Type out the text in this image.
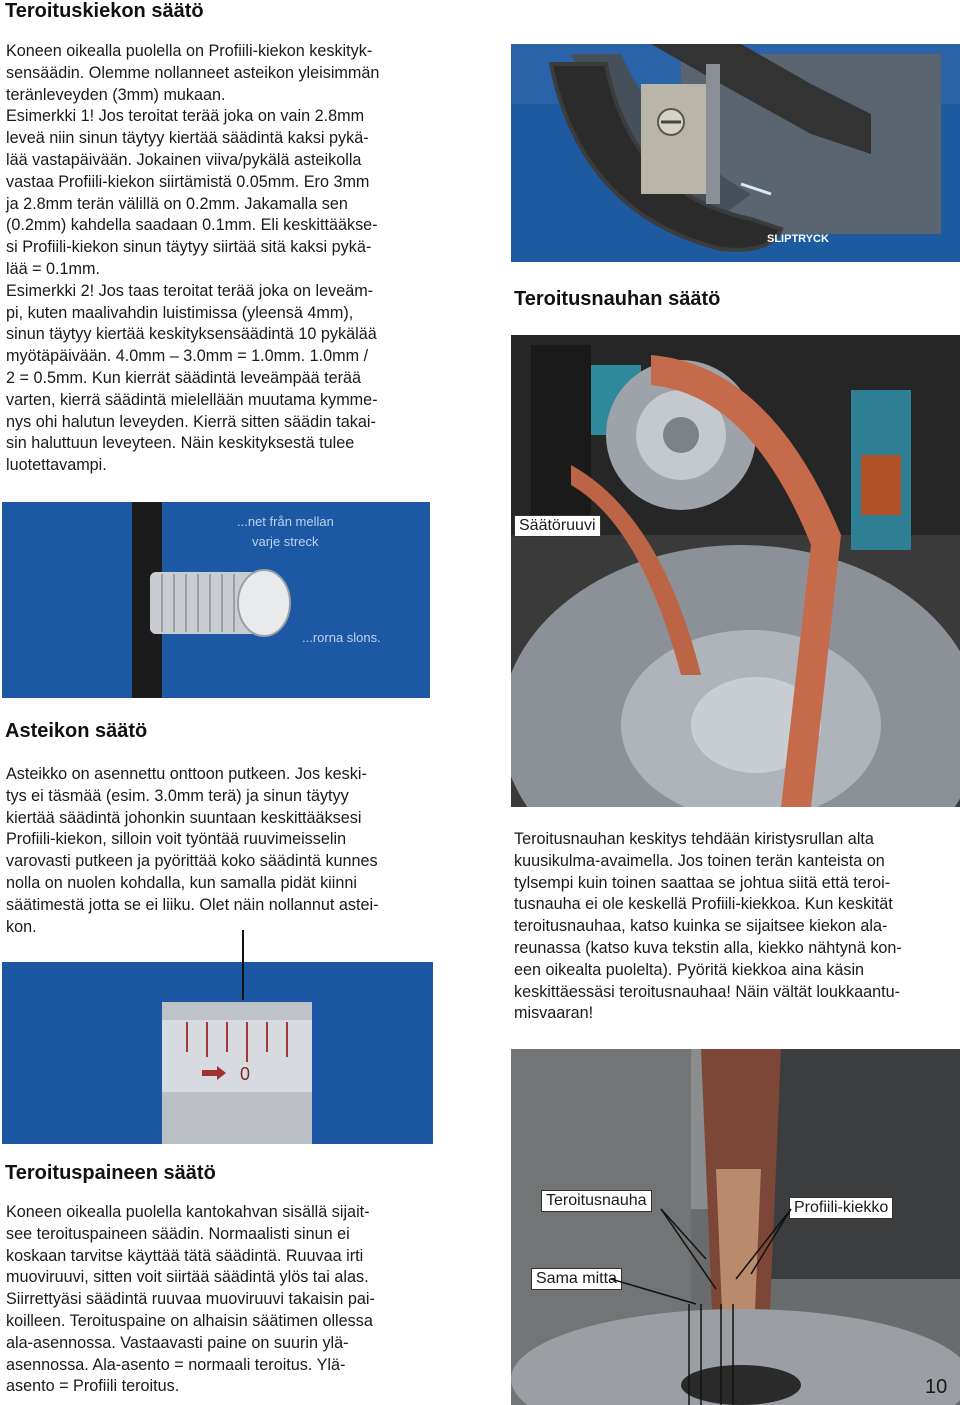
Teroituskiekon säätö
Koneen oikealla puolella on Profiili-kiekon keskityk-
sensäädin. Olemme nollanneet asteikon yleisimmän
teränleveyden (3mm) mukaan.
Esimerkki 1! Jos teroitat terää joka on vain 2.8mm
leveä niin sinun täytyy kiertää säädintä kaksi pykä-
lää vastapäivään. Jokainen viiva/pykälä asteikolla
vastaa Profiili-kiekon siirtämistä 0.05mm. Ero 3mm
ja 2.8mm terän välillä on 0.2mm. Jakamalla sen
(0.2mm) kahdella saadaan 0.1mm. Eli keskittääkse-
si Profiili-kiekon sinun täytyy siirtää sitä kaksi pykä-
lää = 0.1mm.
Esimerkki 2! Jos taas teroitat terää joka on leveäm-
pi, kuten maalivahdin luistimissa (yleensä 4mm),
sinun täytyy kiertää keskityksensäädintä 10 pykälää
myötäpäivään. 4.0mm – 3.0mm = 1.0mm. 1.0mm /
2 = 0.5mm. Kun kierrät säädintä leveämpää terää
varten, kierrä säädintä mielellään muutama kymme-
nys ohi halutun leveyden. Kierrä sitten säädin takai-
sin haluttuun leveyteen. Näin keskityksestä tulee
luotettavampi.
SLIPTRYCK
Teroitusnauhan säätö
Säätöruuvi
...net från mellan
varje streck
...rorna slons.
Asteikon säätö
Asteikko on asennettu onttoon putkeen. Jos keski-
tys ei täsmää (esim. 3.0mm terä) ja sinun täytyy
kiertää säädintä johonkin suuntaan keskittääksesi
Profiili-kiekon, silloin voit työntää ruuvimeisselin
varovasti putkeen ja pyörittää koko säädintä kunnes
nolla on nuolen kohdalla, kun samalla pidät kiinni
säätimestä jotta se ei liiku. Olet näin nollannut astei-
kon.
Teroitusnauhan keskitys tehdään kiristysrullan alta
kuusikulma-avaimella. Jos toinen terän kanteista on
tylsempi kuin toinen saattaa se johtua siitä että teroi-
tusnauha ei ole keskellä Profiili-kiekkoa. Kun keskität
teroitusnauhaa, katso kuinka se sijaitsee kiekon ala-
reunassa (katso kuva tekstin alla, kiekko nähtynä kon-
een oikealta puolelta). Pyöritä kiekkoa aina käsin
keskittäessäsi teroitusnauhaa! Näin vältät loukkaantu-
misvaaran!
0
Teroitusnauha	Profiili-kiekko
Sama mitta
Teroituspaineen säätö
Koneen oikealla puolella kantokahvan sisällä sijait-
see teroituspaineen säädin. Normaalisti sinun ei
koskaan tarvitse käyttää tätä säädintä. Ruuvaa irti
muoviruuvi, sitten voit siirtää säädintä ylös tai alas.
Siirrettyäsi säädintä ruuvaa muoviruuvi takaisin pai-
koilleen. Teroituspaine on alhaisin säätimen ollessa
ala-asennossa. Vastaavasti paine on suurin ylä-
asennossa. Ala-asento = normaali teroitus. Ylä-
asento = Profiili teroitus.	10
